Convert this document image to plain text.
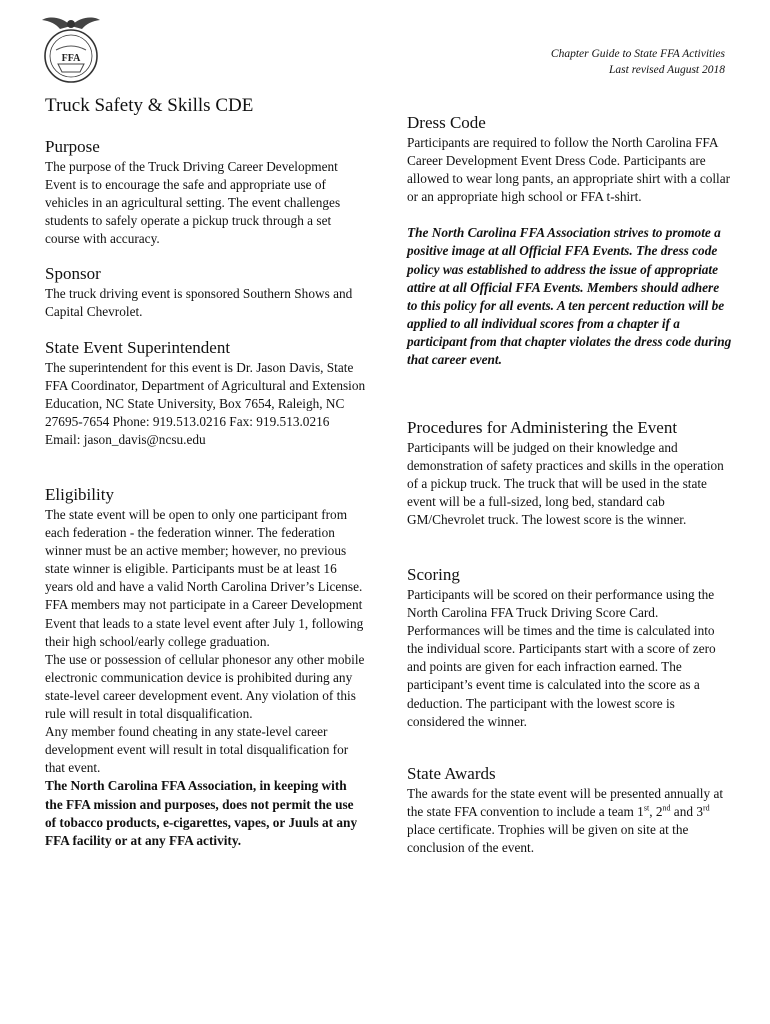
FFA	Chapter Guide to State FFA Activities
Last revised August 2018
Truck Safety & Skills CDE
Purpose

The purpose of the Truck Driving Career Development Event is to encourage the safe and appropriate use of vehicles in an agricultural setting. The event challenges students to safely operate a pickup truck through a set course with accuracy.

Sponsor

The truck driving event is sponsored Southern Shows and Capital Chevrolet.

State Event Superintendent

The superintendent for this event is Dr. Jason Davis, State FFA Coordinator, Department of Agricultural and Extension Education, NC State University, Box 7654, Raleigh, NC 27695-7654 Phone: 919.513.0216 Fax: 919.513.0216 Email: jason_davis@ncsu.edu

Eligibility

The state event will be open to only one participant from each federation - the federation winner. The federation winner must be an active member; however, no previous state winner is eligible. Participants must be at least 16 years old and have a valid North Carolina Driver’s License. FFA members may not participate in a Career Development Event that leads to a state level event after July 1, following their high school/early college graduation.

The use or possession of cellular phonesor any other mobile electronic communication device is prohibited during any state-level career development event. Any violation of this rule will result in total disqualification.

Any member found cheating in any state-level career development event will result in total disqualification for that event.

The North Carolina FFA Association, in keeping with the FFA mission and purposes, does not permit the use of tobacco products, e-cigarettes, vapes, or Juuls at any FFA facility or at any FFA activity.

Dress Code

Participants are required to follow the North Carolina FFA Career Development Event Dress Code. Participants are allowed to wear long pants, an appropriate shirt with a collar or an appropriate high school or FFA t-shirt.

The North Carolina FFA Association strives to promote a positive image at all Official FFA Events. The dress code policy was established to address the issue of appropriate attire at all Official FFA Events. Members should adhere to this policy for all events. A ten percent reduction will be applied to all individual scores from a chapter if a participant from that chapter violates the dress code during that career event.

Procedures for Administering the Event

Participants will be judged on their knowledge and demonstration of safety practices and skills in the operation of a pickup truck. The truck that will be used in the state event will be a full-sized, long bed, standard cab GM/Chevrolet truck. The lowest score is the winner.

Scoring

Participants will be scored on their performance using the North Carolina FFA Truck Driving Score Card. Performances will be times and the time is calculated into the individual score. Participants start with a score of zero and points are given for each infraction earned. The participant’s event time is calculated into the score as a deduction. The participant with the lowest score is considered the winner.

State Awards

The awards for the state event will be presented annually at the state FFA convention to include a team 1st, 2nd and 3rd place certificate. Trophies will be given on site at the conclusion of the event.
